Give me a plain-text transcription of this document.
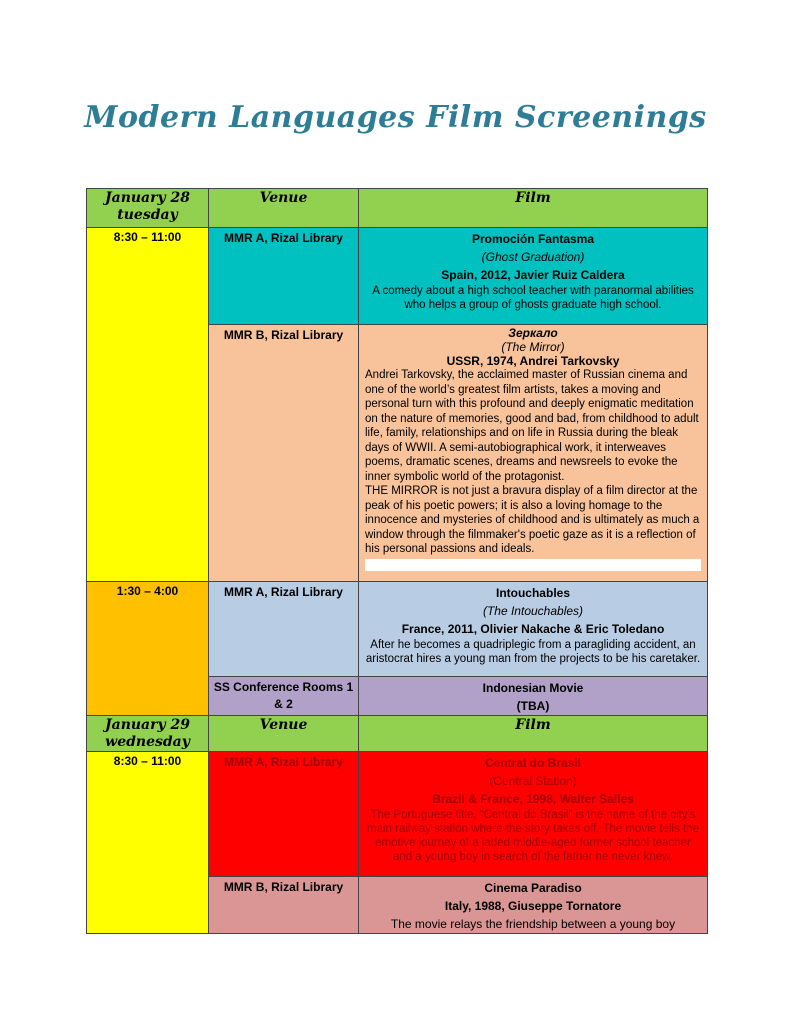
Modern Languages Film Screenings
January 28
tuesday	Venue	Film

8:30 – 11:00	MMR A, Rizal Library	Promoción Fantasma
(Ghost Graduation)
Spain, 2012, Javier Ruiz Caldera
A comedy about a high school teacher with paranormal abilities who helps a group of ghosts graduate high school.

	MMR B, Rizal Library	Зеркало
(The Mirror)
USSR, 1974, Andrei Tarkovsky
Andrei Tarkovsky, the acclaimed master of Russian cinema and one of the world’s greatest film artists, takes a moving and personal turn with this profound and deeply enigmatic meditation on the nature of memories, good and bad, from childhood to adult life, family, relationships and on life in Russia during the bleak days of WWII. A semi-autobiographical work, it interweaves poems, dramatic scenes, dreams and newsreels to evoke the inner symbolic world of the protagonist.
THE MIRROR is not just a bravura display of a film director at the peak of his poetic powers; it is also a loving homage to the innocence and mysteries of childhood and is ultimately as much a window through the filmmaker's poetic gaze as it is a reflection of his personal passions and ideals.

1:30 – 4:00	MMR A, Rizal Library	Intouchables
(The Intouchables)
France, 2011, Olivier Nakache & Eric Toledano
After he becomes a quadriplegic from a paragliding accident, an aristocrat hires a young man from the projects to be his caretaker.

	SS Conference Rooms 1 & 2	Indonesian Movie
(TBA)

January 29
wednesday	Venue	Film

8:30 – 11:00	MMR A, Rizal Library	Central do Brasil
(Central Station)
Brazil & France, 1998, Walter Salles
The Portuguese title, “Central do Brasil” is the name of the city’s main railway station where the story takes off. The movie tells the emotive journey of a jaded middle-aged former school teacher and a young boy in search of the father he never knew.

	MMR B, Rizal Library	Cinema Paradiso
Italy, 1988, Giuseppe Tornatore
The movie relays the friendship between a young boy
